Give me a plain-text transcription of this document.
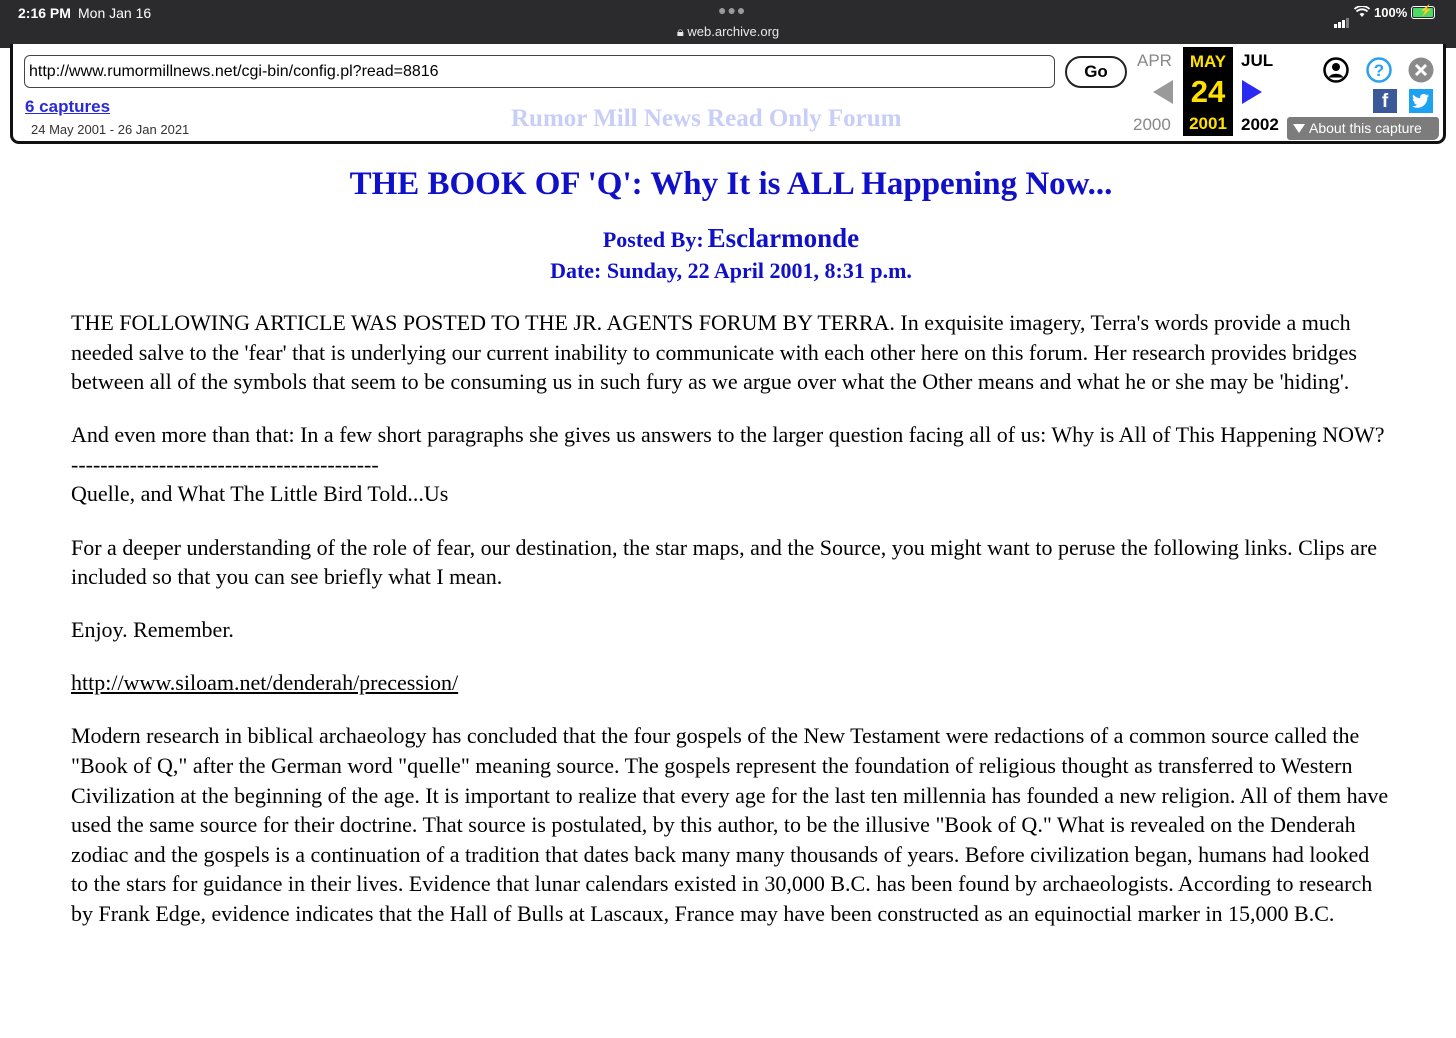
2:16 PM Mon Jan 16	●●●
🔒︎ web.archive.org
100% ⚡
http://www.rumormillnews.net/cgi-bin/config.pl?read=8816	Go
6 captures
24 May 2001 - 26 Jan 2021	Rumor Mill News Read Only Forum
APR
2000
MAY
24
2001
JUL
2002
?
f
About this capture
THE BOOK OF 'Q': Why It is ALL Happening Now...
Posted By: Esclarmonde
Date: Sunday, 22 April 2001, 8:31 p.m.

THE FOLLOWING ARTICLE WAS POSTED TO THE JR. AGENTS FORUM BY TERRA. In exquisite imagery, Terra's words provide a much needed salve to the 'fear' that is underlying our current inability to communicate with each other here on this forum. Her research provides bridges between all of the symbols that seem to be consuming us in such fury as we argue over what the Other means and what he or she may be 'hiding'.

And even more than that: In a few short paragraphs she gives us answers to the larger question facing all of us: Why is All of This Happening NOW?

------------------------------------------

Quelle, and What The Little Bird Told...Us

For a deeper understanding of the role of fear, our destination, the star maps, and the Source, you might want to peruse the following links. Clips are included so that you can see briefly what I mean.

Enjoy. Remember.

http://www.siloam.net/denderah/precession/

Modern research in biblical archaeology has concluded that the four gospels of the New Testament were redactions of a common source called the "Book of Q," after the German word "quelle" meaning source. The gospels represent the foundation of religious thought as transferred to Western Civilization at the beginning of the age. It is important to realize that every age for the last ten millennia has founded a new religion. All of them have used the same source for their doctrine. That source is postulated, by this author, to be the illusive "Book of Q." What is revealed on the Denderah zodiac and the gospels is a continuation of a tradition that dates back many many thousands of years. Before civilization began, humans had looked to the stars for guidance in their lives. Evidence that lunar calendars existed in 30,000 B.C. has been found by archaeologists. According to research by Frank Edge, evidence indicates that the Hall of Bulls at Lascaux, France may have been constructed as an equinoctial marker in 15,000 B.C.
